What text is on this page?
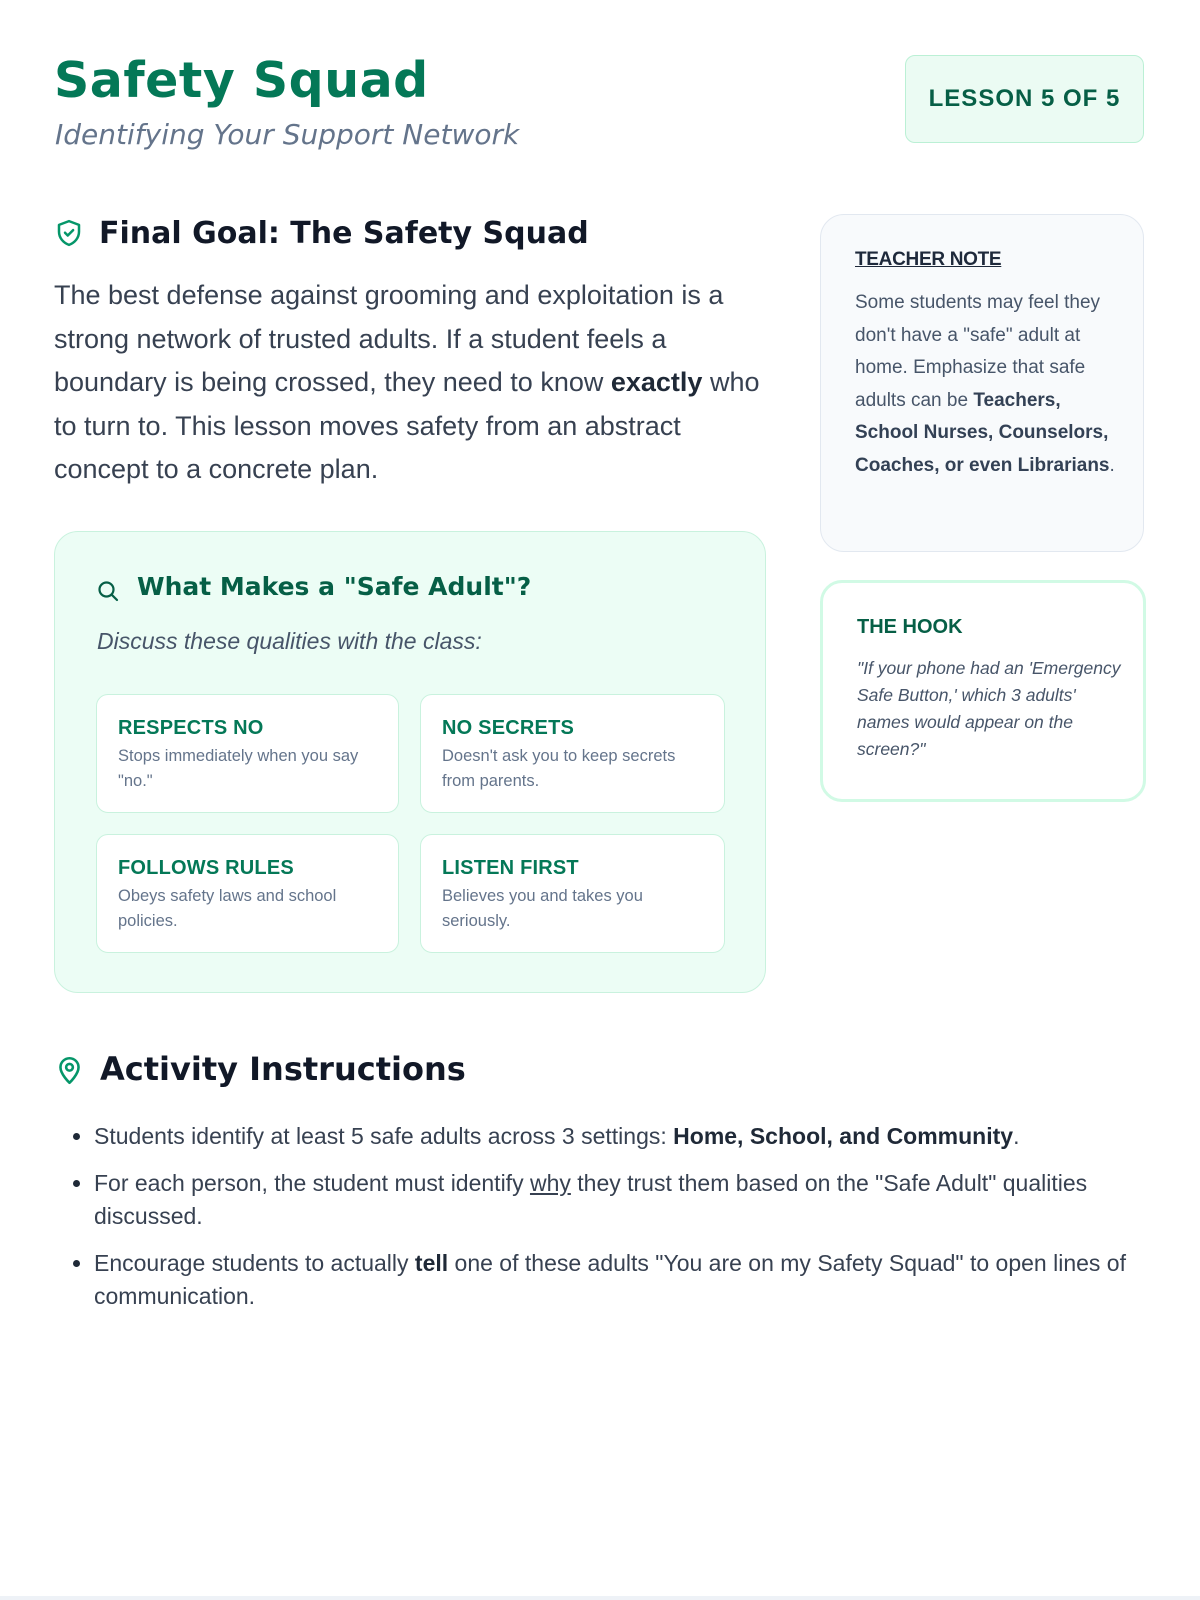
Safety Squad

Identifying Your Support Network

LESSON 5 OF 5
Final Goal: The Safety Squad

The best defense against grooming and exploitation is a strong network of trusted adults. If a student feels a boundary is being crossed, they need to know exactly who to turn to. This lesson moves safety from an abstract concept to a concrete plan.

What Makes a "Safe Adult"?

Discuss these qualities with the class:

RESPECTS NO
Stops immediately when you say "no."
NO SECRETS
Doesn't ask you to keep secrets from parents.
FOLLOWS RULES
Obeys safety laws and school policies.
LISTEN FIRST
Believes you and takes you seriously.
TEACHER NOTE
Some students may feel they don't have a "safe" adult at home. Emphasize that safe adults can be Teachers, School Nurses, Counselors, Coaches, or even Librarians.
THE HOOK
"If your phone had an 'Emergency Safe Button,' which 3 adults' names would appear on the screen?"
Activity Instructions
• Students identify at least 5 safe adults across 3 settings: Home, School, and Community.
• For each person, the student must identify why they trust them based on the "Safe Adult" qualities discussed.
• Encourage students to actually tell one of these adults "You are on my Safety Squad" to open lines of communication.
